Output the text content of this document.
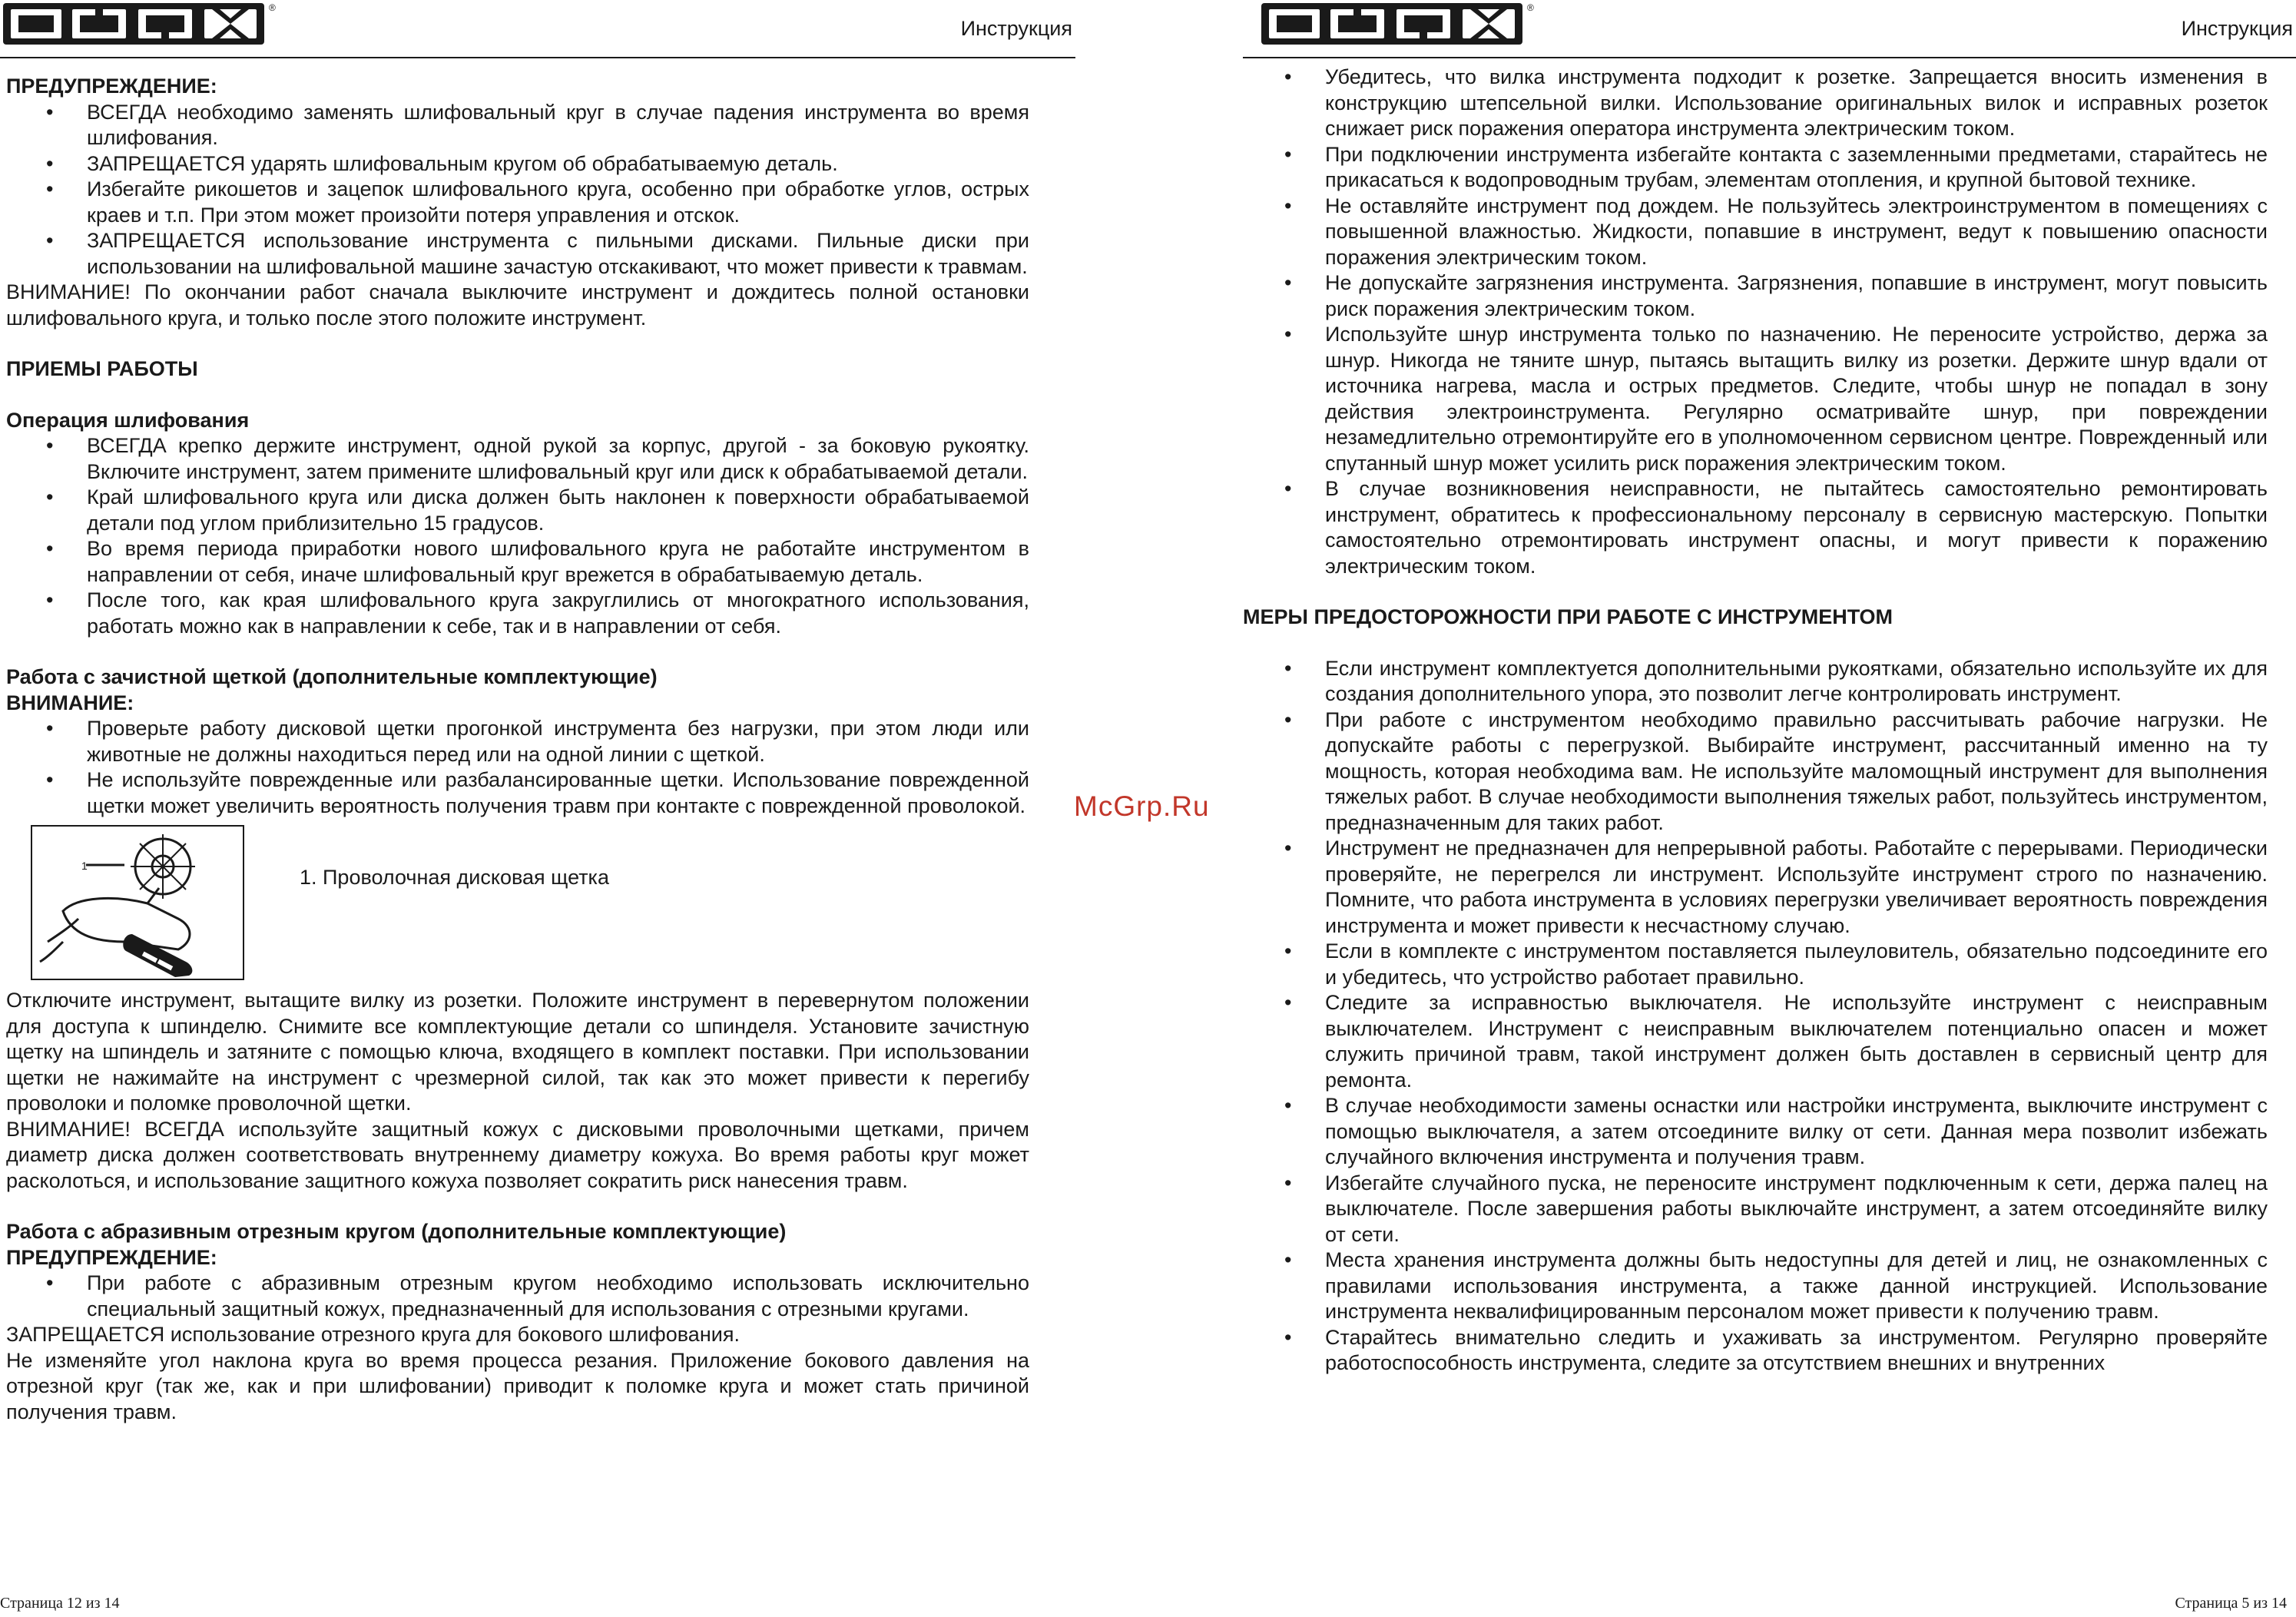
®
Инструкция
ПРЕДУПРЕЖДЕНИЕ:
• ВСЕГДА необходимо заменять шлифовальный круг в случае падения инструмента во время шлифования.
• ЗАПРЕЩАЕТСЯ ударять шлифовальным кругом об обрабатываемую деталь.
• Избегайте рикошетов и зацепок шлифовального круга, особенно при обработке углов, острых краев и т.п. При этом может произойти потеря управления и отскок.
• ЗАПРЕЩАЕТСЯ использование инструмента с пильными дисками. Пильные диски при использовании на шлифовальной машине зачастую отскакивают, что может привести к травмам.

ВНИМАНИЕ! По окончании работ сначала выключите инструмент и дождитесь полной остановки шлифовального круга, и только после этого положите инструмент.

ПРИЕМЫ РАБОТЫ
Операция шлифования
• ВСЕГДА крепко держите инструмент, одной рукой за корпус, другой - за боковую рукоятку. Включите инструмент, затем примените шлифовальный круг или диск к обрабатываемой детали.
• Край шлифовального круга или диска должен быть наклонен к поверхности обрабатываемой детали под углом приблизительно 15 градусов.
• Во время периода приработки нового шлифовального круга не работайте инструментом в направлении от себя, иначе шлифовальный круг врежется в обрабатываемую деталь.
• После того, как края шлифовального круга закруглились от многократного использования, работать можно как в направлении к себе, так и в направлении от себя.
Работа с зачистной щеткой (дополнительные комплектующие)
ВНИМАНИЕ:
• Проверьте работу дисковой щетки прогонкой инструмента без нагрузки, при этом люди или животные не должны находиться перед или на одной линии с щеткой.
• Не используйте поврежденные или разбалансированные щетки. Использование поврежденной щетки может увеличить вероятность получения травм при контакте с поврежденной проволокой.
1	1. Проволочная дисковая щетка

Отключите инструмент, вытащите вилку из розетки. Положите инструмент в перевернутом положении для доступа к шпинделю. Снимите все комплектующие детали со шпинделя. Установите зачистную щетку на шпиндель и затяните с помощью ключа, входящего в комплект поставки. При использовании щетки не нажимайте на инструмент с чрезмерной силой, так как это может привести к перегибу проволоки и поломке проволочной щетки.

ВНИМАНИЕ! ВСЕГДА используйте защитный кожух с дисковыми проволочными щетками, причем диаметр диска должен соответствовать внутреннему диаметру кожуха. Во время работы круг может расколоться, и использование защитного кожуха позволяет сократить риск нанесения травм.

Работа с абразивным отрезным кругом (дополнительные комплектующие)
ПРЕДУПРЕЖДЕНИЕ:
• При работе с абразивным отрезным кругом необходимо использовать исключительно специальный защитный кожух, предназначенный для использования с отрезными кругами.

ЗАПРЕЩАЕТСЯ использование отрезного круга для бокового шлифования.

Не изменяйте угол наклона круга во время процесса резания. Приложение бокового давления на отрезной круг (так же, как и при шлифовании) приводит к поломке круга и может стать причиной получения травм.

Страница 12 из 14
McGrp.Ru
®
Инструкция
• Убедитесь, что вилка инструмента подходит к розетке. Запрещается вносить изменения в конструкцию штепсельной вилки. Использование оригинальных вилок и исправных розеток снижает риск поражения оператора инструмента электрическим током.
• При подключении инструмента избегайте контакта с заземленными предметами, старайтесь не прикасаться к водопроводным трубам, элементам отопления, и крупной бытовой технике.
• Не оставляйте инструмент под дождем. Не пользуйтесь электроинструментом в помещениях с повышенной влажностью. Жидкости, попавшие в инструмент, ведут к повышению опасности поражения электрическим током.
• Не допускайте загрязнения инструмента. Загрязнения, попавшие в инструмент, могут повысить риск поражения электрическим током.
• Используйте шнур инструмента только по назначению. Не переносите устройство, держа за шнур. Никогда не тяните шнур, пытаясь вытащить вилку из розетки. Держите шнур вдали от источника нагрева, масла и острых предметов. Следите, чтобы шнур не попадал в зону действия электроинструмента. Регулярно осматривайте шнур, при повреждении незамедлительно отремонтируйте его в уполномоченном сервисном центре. Поврежденный или спутанный шнур может усилить риск поражения электрическим током.
• В случае возникновения неисправности, не пытайтесь самостоятельно ремонтировать инструмент, обратитесь к профессиональному персоналу в сервисную мастерскую. Попытки самостоятельно отремонтировать инструмент опасны, и могут привести к поражению электрическим током.
МЕРЫ ПРЕДОСТОРОЖНОСТИ ПРИ РАБОТЕ С ИНСТРУМЕНТОМ
• Если инструмент комплектуется дополнительными рукоятками, обязательно используйте их для создания дополнительного упора, это позволит легче контролировать инструмент.
• При работе с инструментом необходимо правильно рассчитывать рабочие нагрузки. Не допускайте работы с перегрузкой. Выбирайте инструмент, рассчитанный именно на ту мощность, которая необходима вам. Не используйте маломощный инструмент для выполнения тяжелых работ. В случае необходимости выполнения тяжелых работ, пользуйтесь инструментом, предназначенным для таких работ.
• Инструмент не предназначен для непрерывной работы. Работайте с перерывами. Периодически проверяйте, не перегрелся ли инструмент. Используйте инструмент строго по назначению. Помните, что работа инструмента в условиях перегрузки увеличивает вероятность повреждения инструмента и может привести к несчастному случаю.
• Если в комплекте с инструментом поставляется пылеуловитель, обязательно подсоедините его и убедитесь, что устройство работает правильно.
• Следите за исправностью выключателя. Не используйте инструмент с неисправным выключателем. Инструмент с неисправным выключателем потенциально опасен и может служить причиной травм, такой инструмент должен быть доставлен в сервисный центр для ремонта.
• В случае необходимости замены оснастки или настройки инструмента, выключите инструмент с помощью выключателя, а затем отсоедините вилку от сети. Данная мера позволит избежать случайного включения инструмента и получения травм.
• Избегайте случайного пуска, не переносите инструмент подключенным к сети, держа палец на выключателе. После завершения работы выключайте инструмент, а затем отсоединяйте вилку от сети.
• Места хранения инструмента должны быть недоступны для детей и лиц, не ознакомленных с правилами использования инструмента, а также данной инструкцией. Использование инструмента неквалифицированным персоналом может привести к получению травм.
• Старайтесь внимательно следить и ухаживать за инструментом. Регулярно проверяйте работоспособность инструмента, следите за отсутствием внешних и внутренних
Страница 5 из 14
